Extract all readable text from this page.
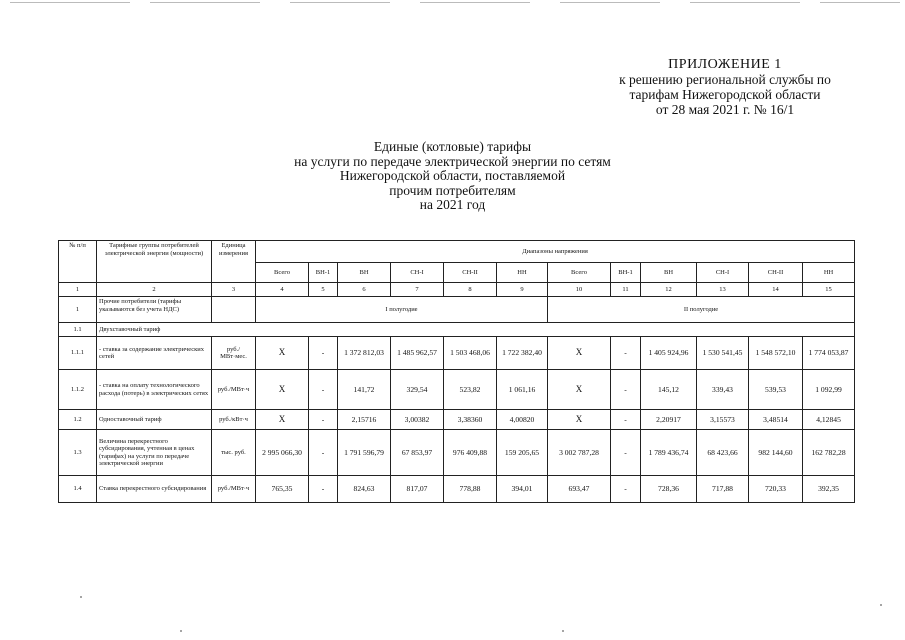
ПРИЛОЖЕНИЕ 1
к решению региональной службы по
тарифам Нижегородской области
от 28 мая 2021 г. № 16/1
Единые (котловые) тарифы
на услуги по передаче электрической энергии по сетям
Нижегородской области, поставляемой
прочим потребителям
на 2021 год
№ п/п	Тарифные группы потребителей электрической энергии (мощности)	Единица измерения	Диапазоны напряжения											
			Всего	ВН-1	ВН	СН-I	СН-II	НН	Всего	ВН-1	ВН	СН-I	СН-II	НН
1	2	3	4	5	6	7	8	9	10	11	12	13	14	15
1	Прочие потребители (тарифы указываются без учета НДС)		I полугодие						II полугодие					
1.1	Двухставочный тариф													
1.1.1	- ставка за содержание электрических сетей	руб./МВт·мес.	X	-	1 372 812,03	1 485 962,57	1 503 468,06	1 722 382,40	X	-	1 405 924,96	1 530 541,45	1 548 572,10	1 774 053,87
1.1.2	- ставка на оплату технологического расхода (потерь) в электрических сетях	руб./МВт·ч	X	-	141,72	329,54	523,82	1 061,16	X	-	145,12	339,43	539,53	1 092,99
1.2	Одноставочный тариф	руб./кВт·ч	X	-	2,15716	3,00382	3,38360	4,00820	X	-	2,20917	3,15573	3,48514	4,12845
1.3	Величина перекрестного субсидирования, учтенная в ценах (тарифах) на услуги по передаче электрической энергии	тыс. руб.	2 995 066,30	-	1 791 596,79	67 853,97	976 409,88	159 205,65	3 002 787,28	-	1 789 436,74	68 423,66	982 144,60	162 782,28
1.4	Ставка перекрестного субсидирования	руб./МВт·ч	765,35	-	824,63	817,07	778,88	394,01	693,47	-	728,36	717,88	720,33	392,35
